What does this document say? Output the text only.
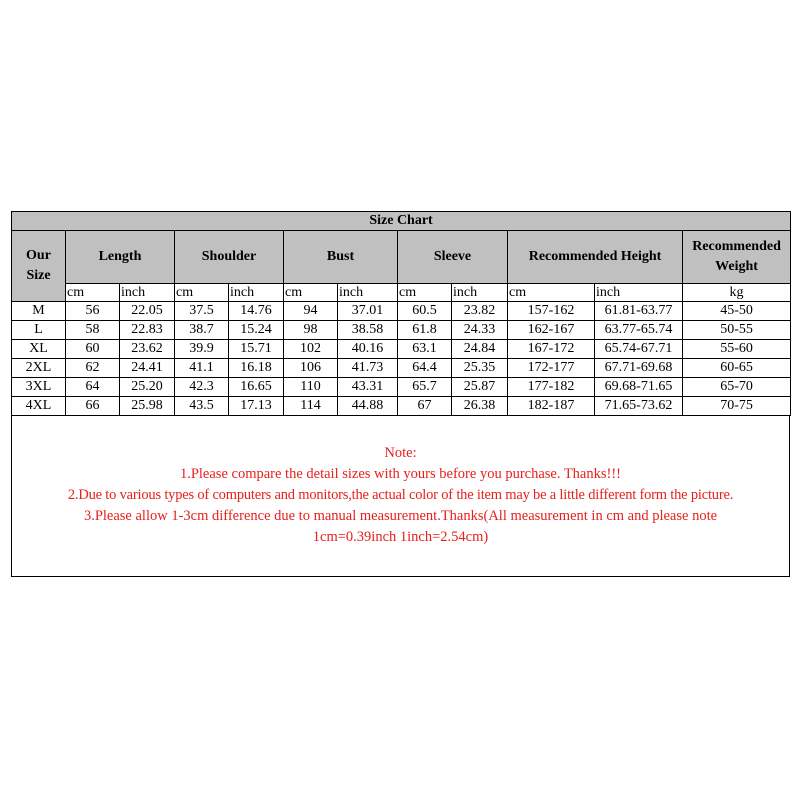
Size Chart											
Our Size	Length		Shoulder		Bust		Sleeve		Recommended Height		Recommended Weight
	cm	inch	cm	inch	cm	inch	cm	inch	cm	inch	kg
M	56	22.05	37.5	14.76	94	37.01	60.5	23.82	157-162	61.81-63.77	45-50
L	58	22.83	38.7	15.24	98	38.58	61.8	24.33	162-167	63.77-65.74	50-55
XL	60	23.62	39.9	15.71	102	40.16	63.1	24.84	167-172	65.74-67.71	55-60
2XL	62	24.41	41.1	16.18	106	41.73	64.4	25.35	172-177	67.71-69.68	60-65
3XL	64	25.20	42.3	16.65	110	43.31	65.7	25.87	177-182	69.68-71.65	65-70
4XL	66	25.98	43.5	17.13	114	44.88	67	26.38	182-187	71.65-73.62	70-75
Note:
1.Please compare the detail sizes with yours before you purchase. Thanks!!!
2.Due to various types of computers and monitors,the actual color of the item may be a little different form the picture.
3.Please allow 1-3cm difference due to manual measurement.Thanks(All measurement in cm and please note
1cm=0.39inch 1inch=2.54cm)
